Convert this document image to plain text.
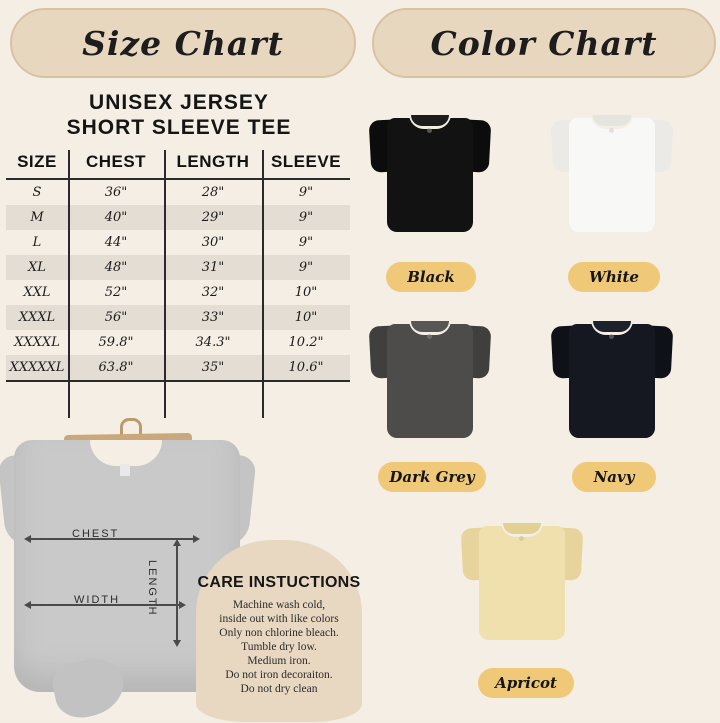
Size Chart	Color Chart
UNISEX JERSEY
SHORT SLEEVE TEE
SIZE	CHEST	LENGTH	SLEEVE
S	36"	28"	9"
M	40"	29"	9"
L	44"	30"	9"
XL	48"	31"	9"
XXL	52"	32"	10"
XXXL	56"	33"	10"
XXXXL	59.8"	34.3"	10.2"
XXXXXL	63.8"	35"	10.6"
CHEST
WIDTH LENGTH CARE INSTUCTIONS
Machine wash cold,
inside out with like colors
Only non chlorine bleach.
Tumble dry low.
Medium iron.
Do not iron decoraiton.
Do not dry clean
Black	White
Dark Grey	Navy
Apricot
